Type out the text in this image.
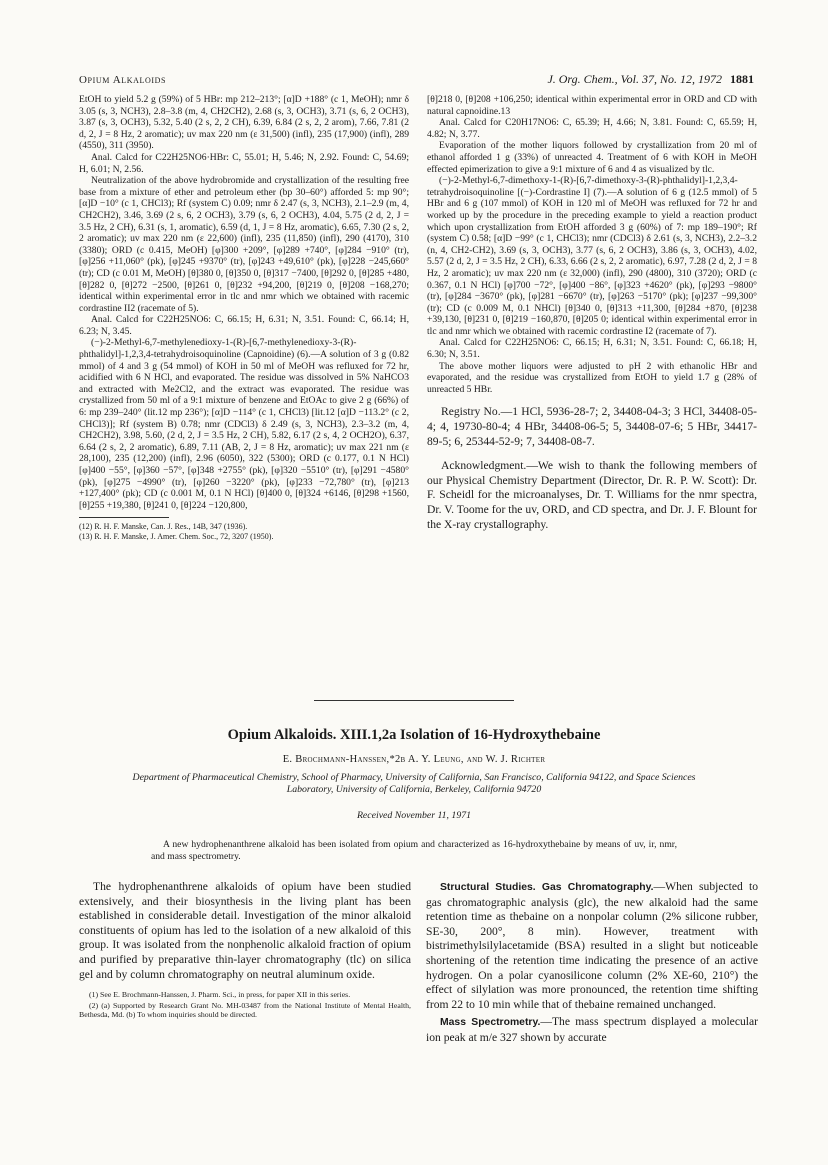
Opium Alkaloids	J. Org. Chem., Vol. 37, No. 12, 1972 1881

EtOH to yield 5.2 g (59%) of 5 HBr: mp 212–213°; [α]D +188° (c 1, MeOH); nmr δ 3.05 (s, 3, NCH3), 2.8–3.8 (m, 4, CH2CH2), 2.68 (s, 3, OCH3), 3.71 (s, 6, 2 OCH3), 3.87 (s, 3, OCH3), 5.32, 5.40 (2 s, 2, 2 CH), 6.39, 6.84 (2 s, 2, 2 arom), 7.66, 7.81 (2 d, 2, J = 8 Hz, 2 aromatic); uv max 220 nm (ε 31,500) (infl), 235 (17,900) (infl), 289 (4550), 311 (3950).

Anal. Calcd for C22H25NO6·HBr: C, 55.01; H, 5.46; N, 2.92. Found: C, 54.69; H, 6.01; N, 2.56.

Neutralization of the above hydrobromide and crystallization of the resulting free base from a mixture of ether and petroleum ether (bp 30–60°) afforded 5: mp 90°; [α]D −10° (c 1, CHCl3); Rf (system C) 0.09; nmr δ 2.47 (s, 3, NCH3), 2.1–2.9 (m, 4, CH2CH2), 3.46, 3.69 (2 s, 6, 2 OCH3), 3.79 (s, 6, 2 OCH3), 4.04, 5.75 (2 d, 2, J = 3.5 Hz, 2 CH), 6.31 (s, 1, aromatic), 6.59 (d, 1, J = 8 Hz, aromatic), 6.65, 7.30 (2 s, 2, 2 aromatic); uv max 220 nm (ε 22,600) (infl), 235 (11,850) (infl), 290 (4170), 310 (3380); ORD (c 0.415, MeOH) [φ]300 +209°, [φ]289 +740°, [φ]284 −910° (tr), [φ]256 +11,060° (pk), [φ]245 +9370° (tr), [φ]243 +49,610° (pk), [φ]228 −245,660° (tr); CD (c 0.01 M, MeOH) [θ]380 0, [θ]350 0, [θ]317 −7400, [θ]292 0, [θ]285 +480, [θ]282 0, [θ]272 −2500, [θ]261 0, [θ]232 +94,200, [θ]219 0, [θ]208 −168,270; identical within experimental error in tlc and nmr which we obtained with racemic cordrastine II2 (racemate of 5).

Anal. Calcd for C22H25NO6: C, 66.15; H, 6.31; N, 3.51. Found: C, 66.14; H, 6.23; N, 3.45.

(−)-2-Methyl-6,7-methylenedioxy-1-(R)-[6,7-methylenedioxy-3-(R)-phthalidyl]-1,2,3,4-tetrahydroisoquinoline (Capnoidine) (6).—A solution of 3 g (0.82 mmol) of 4 and 3 g (54 mmol) of KOH in 50 ml of MeOH was refluxed for 72 hr, acidified with 6 N HCl, and evaporated. The residue was dissolved in 5% NaHCO3 and extracted with Me2Cl2, and the extract was evaporated. The residue was crystallized from 50 ml of a 9:1 mixture of benzene and EtOAc to give 2 g (66%) of 6: mp 239–240° (lit.12 mp 236°); [α]D −114° (c 1, CHCl3) [lit.12 [α]D −113.2° (c 2, CHCl3)]; Rf (system B) 0.78; nmr (CDCl3) δ 2.49 (s, 3, NCH3), 2.3–3.2 (m, 4, CH2CH2), 3.98, 5.60, (2 d, 2, J = 3.5 Hz, 2 CH), 5.82, 6.17 (2 s, 4, 2 OCH2O), 6.37, 6.64 (2 s, 2, 2 aromatic), 6.89, 7.11 (AB, 2, J = 8 Hz, aromatic); uv max 221 nm (ε 28,100), 235 (12,200) (infl), 2.96 (6050), 322 (5300); ORD (c 0.177, 0.1 N HCl) [φ]400 −55°, [φ]360 −57°, [φ]348 +2755° (pk), [φ]320 −5510° (tr), [φ]291 −4580° (pk), [φ]275 −4990° (tr), [φ]260 −3220° (pk), [φ]233 −72,780° (tr), [φ]213 +127,400° (pk); CD (c 0.001 M, 0.1 N HCl) [θ]400 0, [θ]324 +6146, [θ]298 +1560, [θ]255 +19,380, [θ]241 0, [θ]224 −120,800,

(12) R. H. F. Manske, Can. J. Res., 14B, 347 (1936).

(13) R. H. F. Manske, J. Amer. Chem. Soc., 72, 3207 (1950).

[θ]218 0, [θ]208 +106,250; identical within experimental error in ORD and CD with natural capnoidine.13

Anal. Calcd for C20H17NO6: C, 65.39; H, 4.66; N, 3.81. Found: C, 65.59; H, 4.82; N, 3.77.

Evaporation of the mother liquors followed by crystallization from 20 ml of ethanol afforded 1 g (33%) of unreacted 4. Treatment of 6 with KOH in MeOH effected epimerization to give a 9:1 mixture of 6 and 4 as visualized by tlc.

(−)-2-Methyl-6,7-dimethoxy-1-(R)-[6,7-dimethoxy-3-(R)-phthalidyl]-1,2,3,4-tetrahydroisoquinoline [(−)-Cordrastine I] (7).—A solution of 6 g (12.5 mmol) of 5 HBr and 6 g (107 mmol) of KOH in 120 ml of MeOH was refluxed for 72 hr and worked up by the procedure in the preceding example to yield a reaction product which upon crystallization from EtOH afforded 3 g (60%) of 7: mp 189–190°; Rf (system C) 0.58; [α]D −99° (c 1, CHCl3); nmr (CDCl3) δ 2.61 (s, 3, NCH3), 2.2–3.2 (n, 4, CH2-CH2), 3.69 (s, 3, OCH3), 3.77 (s, 6, 2 OCH3), 3.86 (s, 3, OCH3), 4.02, 5.57 (2 d, 2, J = 3.5 Hz, 2 CH), 6.33, 6.66 (2 s, 2, 2 aromatic), 6.97, 7.28 (2 d, 2, J = 8 Hz, 2 aromatic); uv max 220 nm (ε 32,000) (infl), 290 (4800), 310 (3720); ORD (c 0.367, 0.1 N HCl) [φ]700 −72°, [φ]400 −86°, [φ]323 +4620° (pk), [φ]293 −9800° (tr), [φ]284 −3670° (pk), [φ]281 −6670° (tr), [φ]263 −5170° (pk); [φ]237 −99,300° (tr); CD (c 0.009 M, 0.1 NHCl) [θ]340 0, [θ]313 +11,300, [θ]284 +870, [θ]238 +39,130, [θ]231 0, [θ]219 −160,870, [θ]205 0; identical within experimental error in tlc and nmr which we obtained with racemic cordrastine I2 (racemate of 7).

Anal. Calcd for C22H25NO6: C, 66.15; H, 6.31; N, 3.51. Found: C, 66.18; H, 6.30; N, 3.51.

The above mother liquors were adjusted to pH 2 with ethanolic HBr and evaporated, and the residue was crystallized from EtOH to yield 1.7 g (28% of unreacted 5 HBr.

Registry No.—1 HCl, 5936-28-7; 2, 34408-04-3; 3 HCl, 34408-05-4; 4, 19730-80-4; 4 HBr, 34408-06-5; 5, 34408-07-6; 5 HBr, 34417-89-5; 6, 25344-52-9; 7, 34408-08-7.

Acknowledgment.—We wish to thank the following members of our Physical Chemistry Department (Director, Dr. R. P. W. Scott): Dr. F. Scheidl for the microanalyses, Dr. T. Williams for the nmr spectra, Dr. V. Toome for the uv, ORD, and CD spectra, and Dr. J. F. Blount for the X-ray crystallography.

Opium Alkaloids. XIII.1,2a Isolation of 16-Hydroxythebaine
E. Brochmann-Hanssen,*2b A. Y. Leung, and W. J. Richter
Department of Pharmaceutical Chemistry, School of Pharmacy, University of California, San Francisco, California 94122, and Space Sciences Laboratory, University of California, Berkeley, California 94720
Received November 11, 1971
A new hydrophenanthrene alkaloid has been isolated from opium and characterized as 16-hydroxythebaine by means of uv, ir, nmr, and mass spectrometry.

The hydrophenanthrene alkaloids of opium have been studied extensively, and their biosynthesis in the living plant has been established in considerable detail. Investigation of the minor alkaloid constituents of opium has led to the isolation of a new alkaloid of this group. It was isolated from the nonphenolic alkaloid fraction of opium and purified by preparative thin-layer chromatography (tlc) on silica gel and by column chromatography on neutral aluminum oxide.

(1) See E. Brochmann-Hanssen, J. Pharm. Sci., in press, for paper XII in this series.

(2) (a) Supported by Research Grant No. MH-03487 from the National Institute of Mental Health, Bethesda, Md. (b) To whom inquiries should be directed.

Structural Studies. Gas Chromatography.—When subjected to gas chromatographic analysis (glc), the new alkaloid had the same retention time as thebaine on a nonpolar column (2% silicone rubber, SE-30, 200°, 8 min). However, treatment with bistrimethylsilylacetamide (BSA) resulted in a slight but noticeable shortening of the retention time indicating the presence of an active hydrogen. On a polar cyanosilicone column (2% XE-60, 210°) the effect of silylation was more pronounced, the retention time shifting from 22 to 10 min while that of thebaine remained unchanged.

Mass Spectrometry.—The mass spectrum displayed a molecular ion peak at m/e 327 shown by accurate
